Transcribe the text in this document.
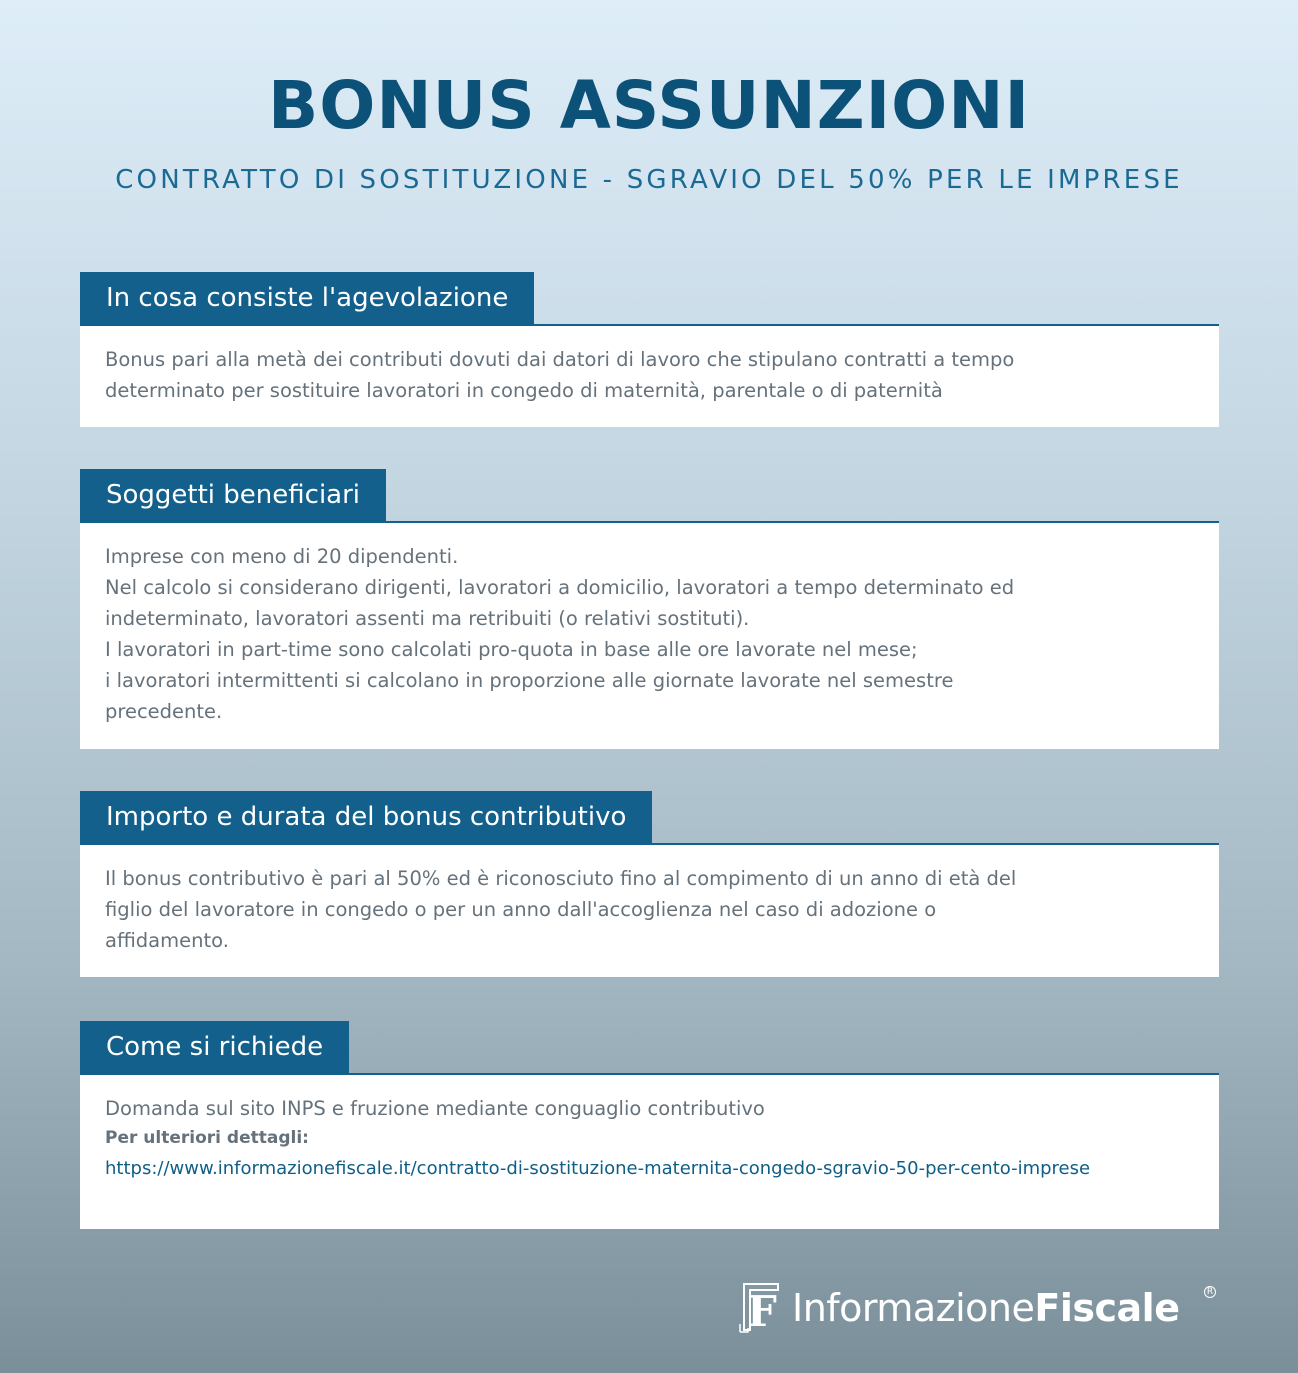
BONUS ASSUNZIONI
CONTRATTO DI SOSTITUZIONE - SGRAVIO DEL 50% PER LE IMPRESE
In cosa consiste l'agevolazione

Bonus pari alla metà dei contributi dovuti dai datori di lavoro che stipulano contratti a tempo

determinato per sostituire lavoratori in congedo di maternità, parentale o di paternità

Soggetti beneficiari

Imprese con meno di 20 dipendenti.

Nel calcolo si considerano dirigenti, lavoratori a domicilio, lavoratori a tempo determinato ed

indeterminato, lavoratori assenti ma retribuiti (o relativi sostituti).

I lavoratori in part-time sono calcolati pro-quota in base alle ore lavorate nel mese;

i lavoratori intermittenti si calcolano in proporzione alle giornate lavorate nel semestre

precedente.

Importo e durata del bonus contributivo

Il bonus contributivo è pari al 50% ed è riconosciuto fino al compimento di un anno di età del

figlio del lavoratore in congedo o per un anno dall'accoglienza nel caso di adozione o

affidamento.

Come si richiede

Domanda sul sito INPS e fruzione mediante conguaglio contributivo

Per ulteriori dettagli:

https://www.informazionefiscale.it/contratto-di-sostituzione-maternita-congedo-sgravio-50-per-cento-imprese

F InformazioneFiscale	R
